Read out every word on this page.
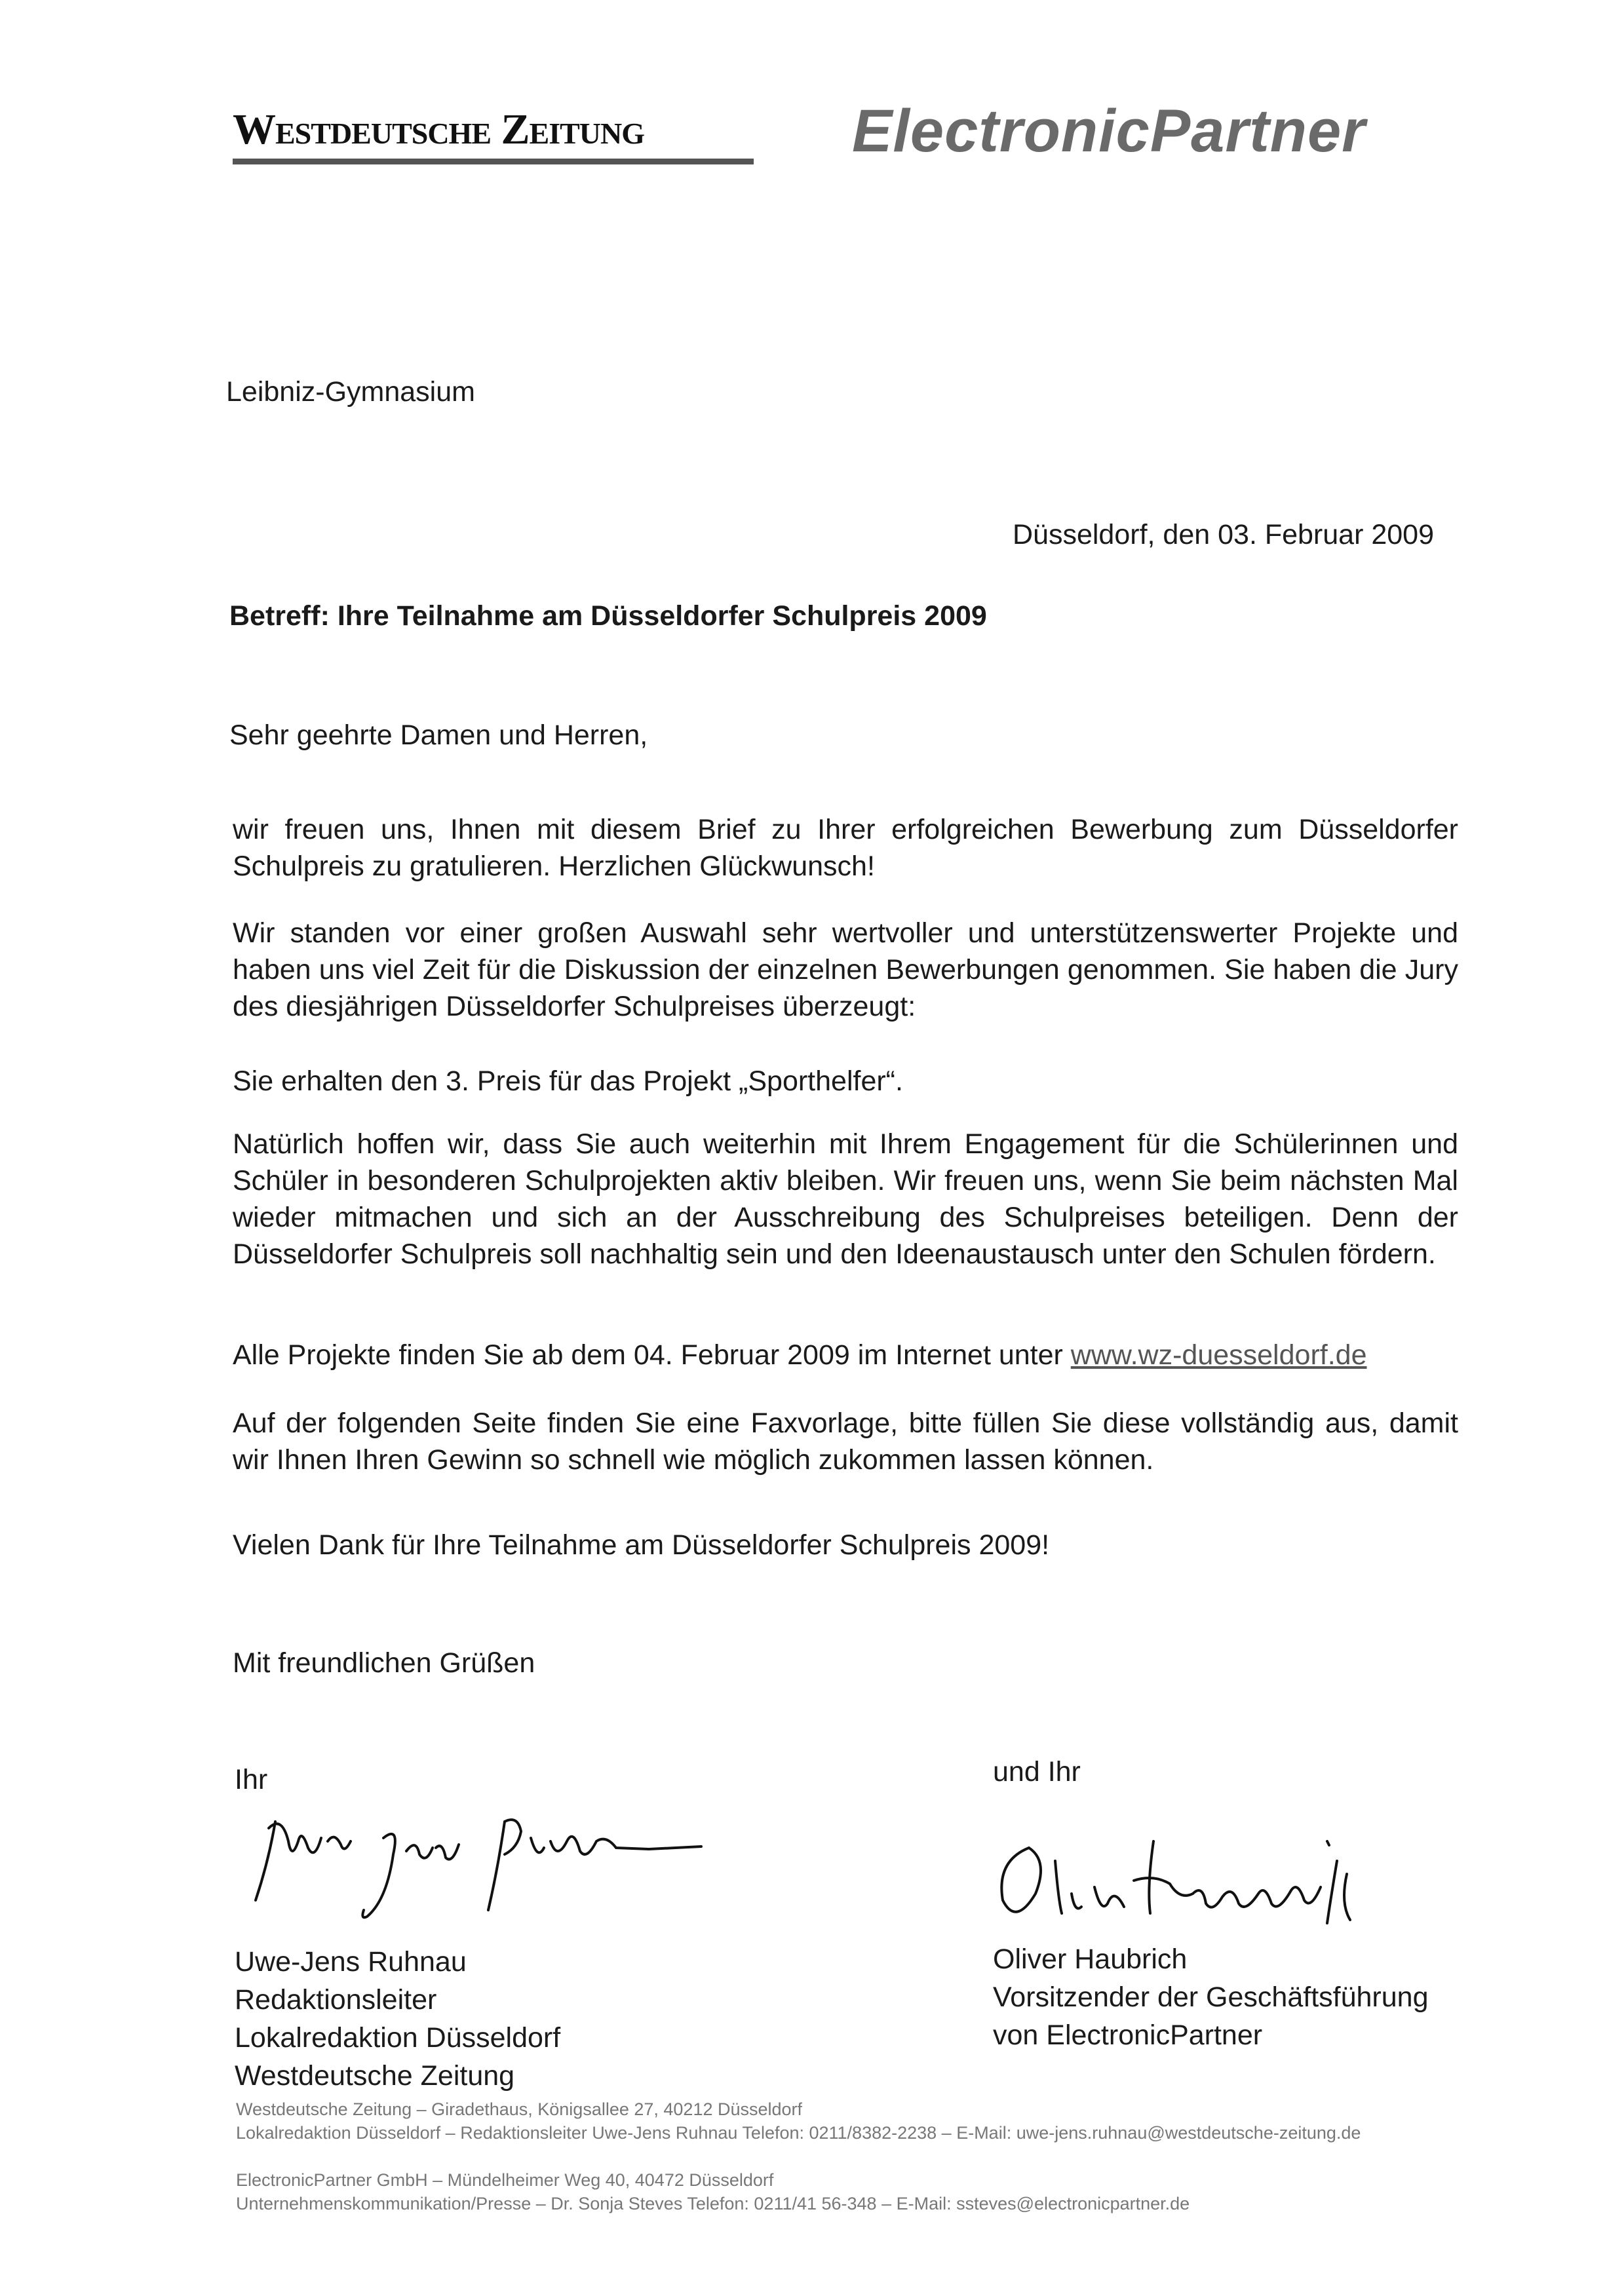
Westdeutsche Zeitung	ElectronicPartner
Leibniz-Gymnasium
Düsseldorf, den 03. Februar 2009
Betreff: Ihre Teilnahme am Düsseldorfer Schulpreis 2009
Sehr geehrte Damen und Herren,
wir freuen uns, Ihnen mit diesem Brief zu Ihrer erfolgreichen Bewerbung zum Düsseldorfer Schulpreis zu gratulieren. Herzlichen Glückwunsch!
Wir standen vor einer großen Auswahl sehr wertvoller und unterstützenswerter Projekte und haben uns viel Zeit für die Diskussion der einzelnen Bewerbungen genommen. Sie haben die Jury des diesjährigen Düsseldorfer Schulpreises überzeugt:
Sie erhalten den 3. Preis für das Projekt „Sporthelfer“.
Natürlich hoffen wir, dass Sie auch weiterhin mit Ihrem Engagement für die Schülerinnen und Schüler in besonderen Schulprojekten aktiv bleiben. Wir freuen uns, wenn Sie beim nächsten Mal wieder mitmachen und sich an der Ausschreibung des Schulpreises beteiligen. Denn der Düsseldorfer Schulpreis soll nachhaltig sein und den Ideenaustausch unter den Schulen fördern.
Alle Projekte finden Sie ab dem 04. Februar 2009 im Internet unter www.wz-duesseldorf.de
Auf der folgenden Seite finden Sie eine Faxvorlage, bitte füllen Sie diese vollständig aus, damit wir Ihnen Ihren Gewinn so schnell wie möglich zukommen lassen können.
Vielen Dank für Ihre Teilnahme am Düsseldorfer Schulpreis 2009!
Mit freundlichen Grüßen
Ihr
Uwe-Jens Ruhnau
Redaktionsleiter
Lokalredaktion Düsseldorf
Westdeutsche Zeitung
und Ihr
Oliver Haubrich
Vorsitzender der Geschäftsführung
von ElectronicPartner
Westdeutsche Zeitung – Giradethaus, Königsallee 27, 40212 Düsseldorf
Lokalredaktion Düsseldorf – Redaktionsleiter Uwe-Jens Ruhnau Telefon: 0211/8382-2238 – E-Mail: uwe-jens.ruhnau@westdeutsche-zeitung.de
ElectronicPartner GmbH – Mündelheimer Weg 40, 40472 Düsseldorf
Unternehmenskommunikation/Presse – Dr. Sonja Steves Telefon: 0211/41 56-348 – E-Mail: ssteves@electronicpartner.de
